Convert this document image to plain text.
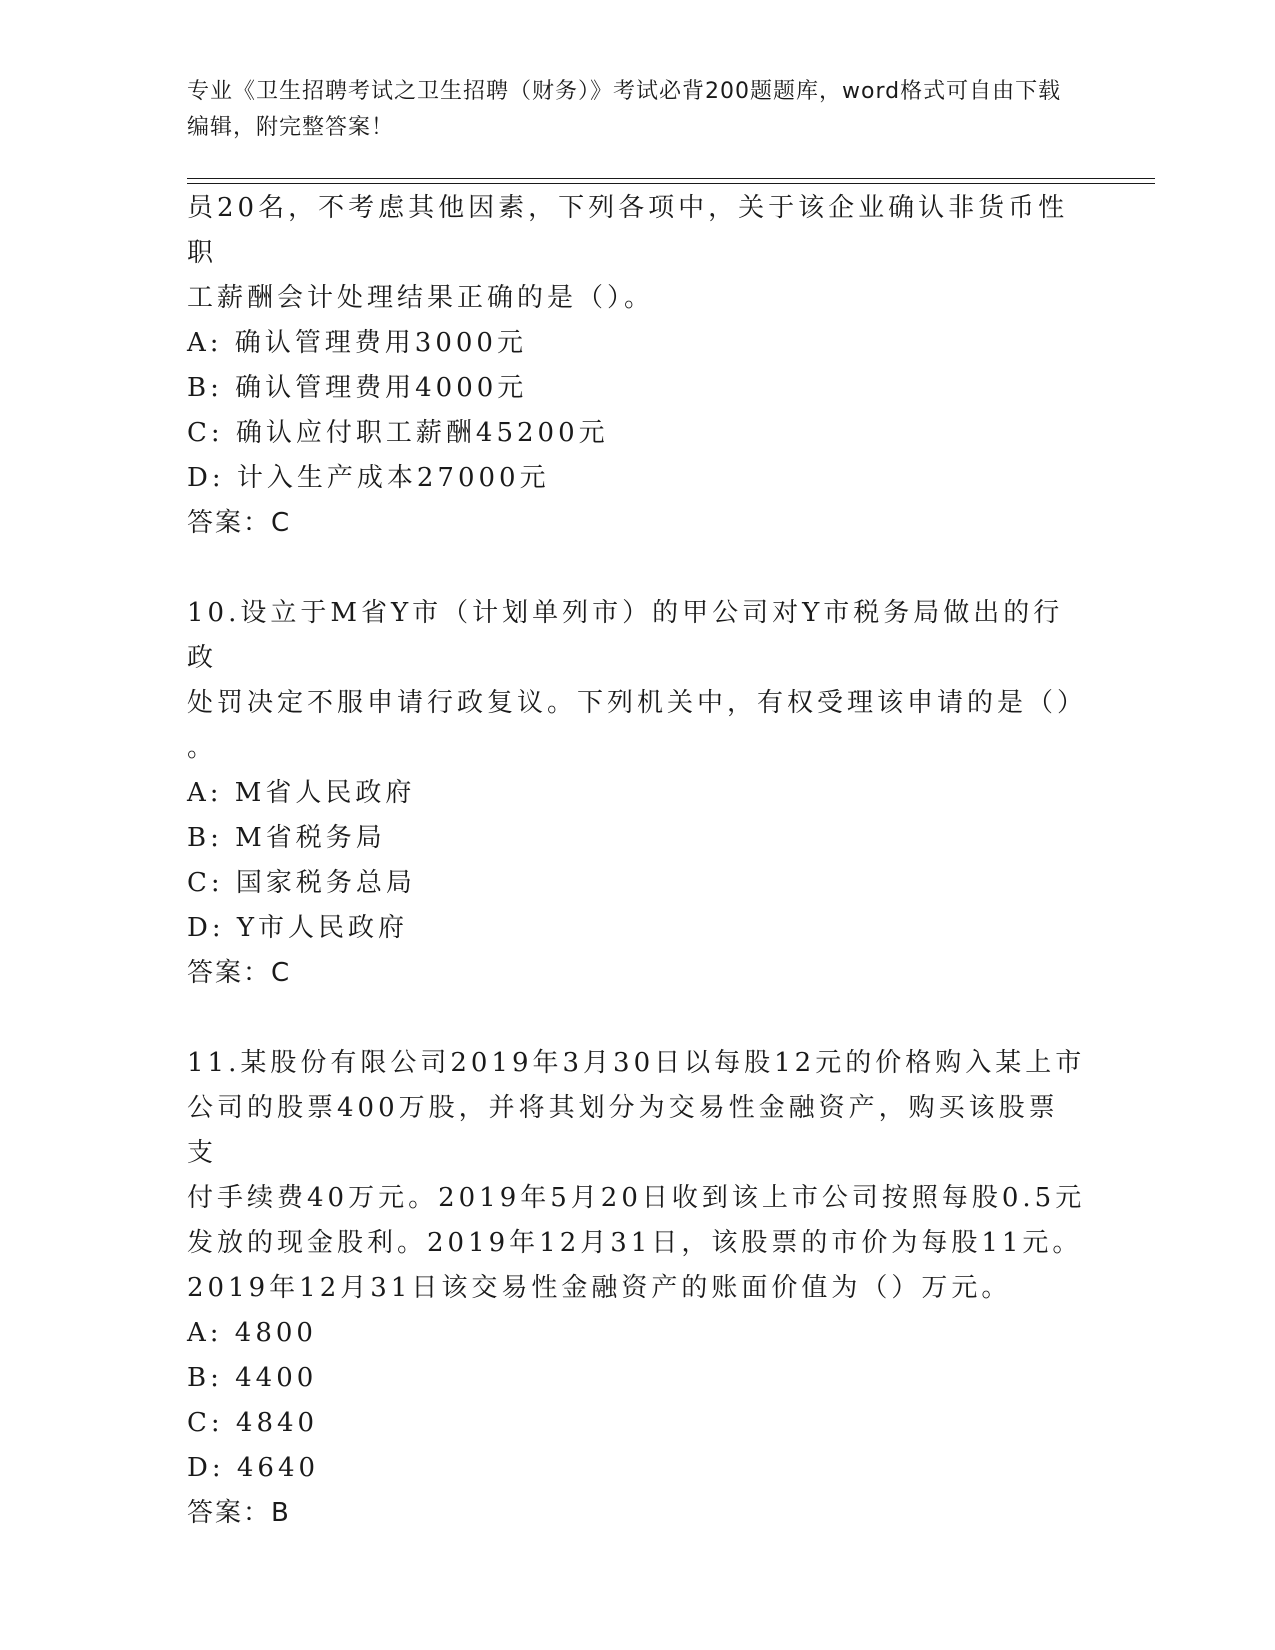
专业《卫生招聘考试之卫生招聘（财务）》考试必背200题题库，word格式可自由下载编辑，附完整答案！

员20名，不考虑其他因素，下列各项中，关于该企业确认非货币性职

工薪酬会计处理结果正确的是（）。

A: 确认管理费用3000元

B: 确认管理费用4000元

C: 确认应付职工薪酬45200元

D: 计入生产成本27000元

答案：C

10.设立于M省Y市（计划单列市）的甲公司对Y市税务局做出的行政

处罚决定不服申请行政复议。下列机关中，有权受理该申请的是（）

。

A: M省人民政府

B: M省税务局

C: 国家税务总局

D: Y市人民政府

答案：C

11.某股份有限公司2019年3月30日以每股12元的价格购入某上市

公司的股票400万股，并将其划分为交易性金融资产，购买该股票支

付手续费40万元。2019年5月20日收到该上市公司按照每股0.5元

发放的现金股利。2019年12月31日，该股票的市价为每股11元。

2019年12月31日该交易性金融资产的账面价值为（）万元。

A: 4800

B: 4400

C: 4840

D: 4640

答案：B
